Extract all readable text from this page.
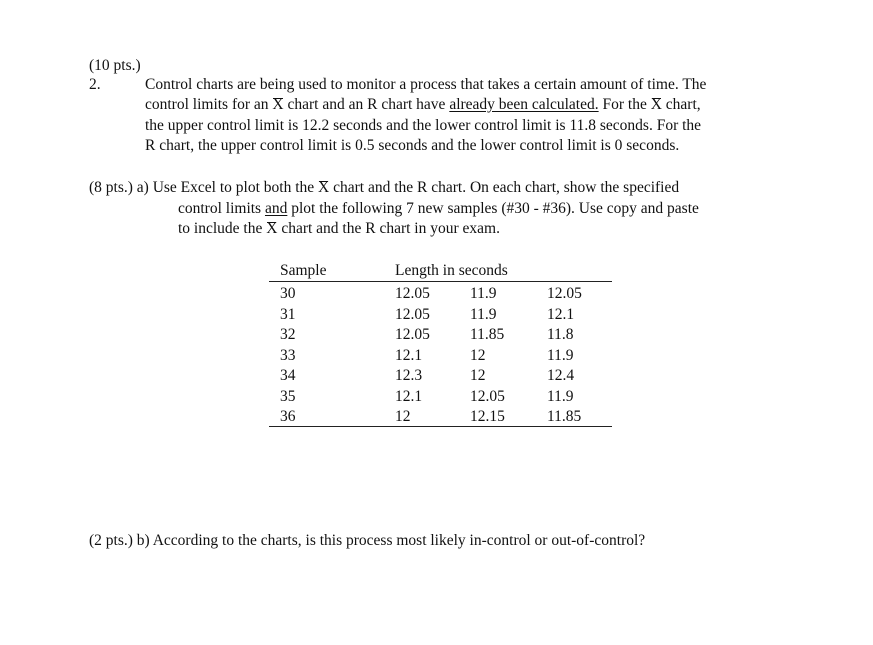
(10 pts.)
2.	Control charts are being used to monitor a process that takes a certain amount of time. The
control limits for an X chart and an R chart have already been calculated. For the X chart,
the upper control limit is 12.2 seconds and the lower control limit is 11.8 seconds. For the
R chart, the upper control limit is 0.5 seconds and the lower control limit is 0 seconds.
(8 pts.) a) Use Excel to plot both the X chart and the R chart. On each chart, show the specified
control limits and plot the following 7 new samples (#30 - #36). Use copy and paste
to include the X chart and the R chart in your exam.
Sample	Length in seconds
30	12.05	11.9	12.05
31	12.05	11.9	12.1
32	12.05	11.85	11.8
33	12.1	12	11.9
34	12.3	12	12.4
35	12.1	12.05	11.9
36	12	12.15	11.85
(2 pts.) b) According to the charts, is this process most likely in-control or out-of-control?
